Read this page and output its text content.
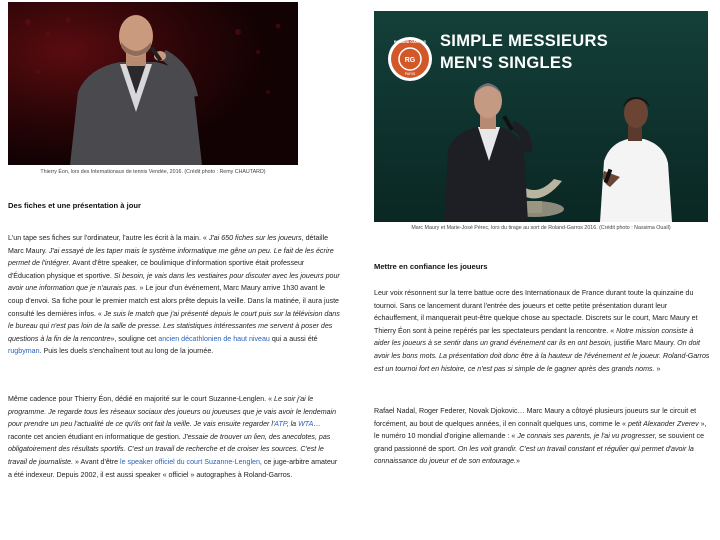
Thierry Éon, lors des Internationaux de tennis Vendée, 2016. (Crédit photo : Remy CHAUTARD)
Des fiches et une présentation à jour

L'un tape ses fiches sur l'ordinateur, l'autre les écrit à la main. « J'ai 650 fiches sur les joueurs, détaille Marc Maury. J'ai essayé de les taper mais le système informatique me gêne un peu. Le fait de les écrire permet de l'intégrer. Avant d'être speaker, ce boulimique d'information sportive était professeur d'Éducation physique et sportive. Si besoin, je vais dans les vestiaires pour discuter avec les joueurs pour avoir une information que je n'aurais pas. » Le jour d'un événement, Marc Maury arrive 1h30 avant le coup d'envoi. Sa fiche pour le premier match est alors prête depuis la veille. Dans la matinée, il aura juste consulté les dernières infos. « Je suis le match que j'ai présenté depuis le court puis sur la télévision dans le bureau qui n'est pas loin de la salle de presse. Les statistiques intéressantes me servent à poser des questions à la fin de la rencontre», souligne cet ancien décathlonien de haut niveau qui a aussi été rugbyman. Puis les duels s'enchaînent tout au long de la journée.

Même cadence pour Thierry Éon, dédié en majorité sur le court Suzanne-Lenglen. « Le soir j'ai le programme. Je regarde tous les réseaux sociaux des joueurs ou joueuses que je vais avoir le lendemain pour prendre un peu l'actualité de ce qu'ils ont fait la veille. Je vais ensuite regarder l'ATP, la WTA… raconte cet ancien étudiant en informatique de gestion. J'essaie de trouver un lien, des anecdotes, pas obligatoirement des résultats sportifs. C'est un travail de recherche et de croiser les sources. C'est le travail de journaliste. » Avant d'être le speaker officiel du court Suzanne-Lenglen, ce juge-arbitre amateur a été indexeur. Depuis 2002, il est aussi speaker « officiel » autographes à Roland-Garros.

RG
SIMPLE MESSIEURS
MEN'S SINGLES
ROLAND GARROS
PARIS
Marc Maury et Marie-José Pérec, lors du tirage au sort de Roland-Garros 2016. (Crédit photo : Nassima Ouaïl)
Mettre en confiance les joueurs

Leur voix résonnent sur la terre battue ocre des Internationaux de France durant toute la quinzaine du tournoi. Sans ce lancement durant l'entrée des joueurs et cette petite présentation durant leur échauffement, il manquerait peut-être quelque chose au spectacle. Discrets sur le court, Marc Maury et Thierry Éon sont à peine repérés par les spectateurs pendant la rencontre. « Notre mission consiste à aider les joueurs à se sentir dans un grand événement car ils en ont besoin, justifie Marc Maury. On doit avoir les bons mots. La présentation doit donc être à la hauteur de l'événement et le joueur. Roland-Garros est un tournoi fort en histoire, ce n'est pas si simple de le gagner après des grands noms. »

Rafael Nadal, Roger Federer, Novak Djokovic… Marc Maury a côtoyé plusieurs joueurs sur le circuit et forcément, au bout de quelques années, il en connaît quelques uns, comme le « petit Alexander Zverev », le numéro 10 mondial d'origine allemande : « Je connais ses parents, je l'ai vu progresser, se souvient ce grand passionné de sport. On les voit grandir. C'est un travail constant et régulier qui permet d'avoir la connaissance du joueur et de son entourage.»
